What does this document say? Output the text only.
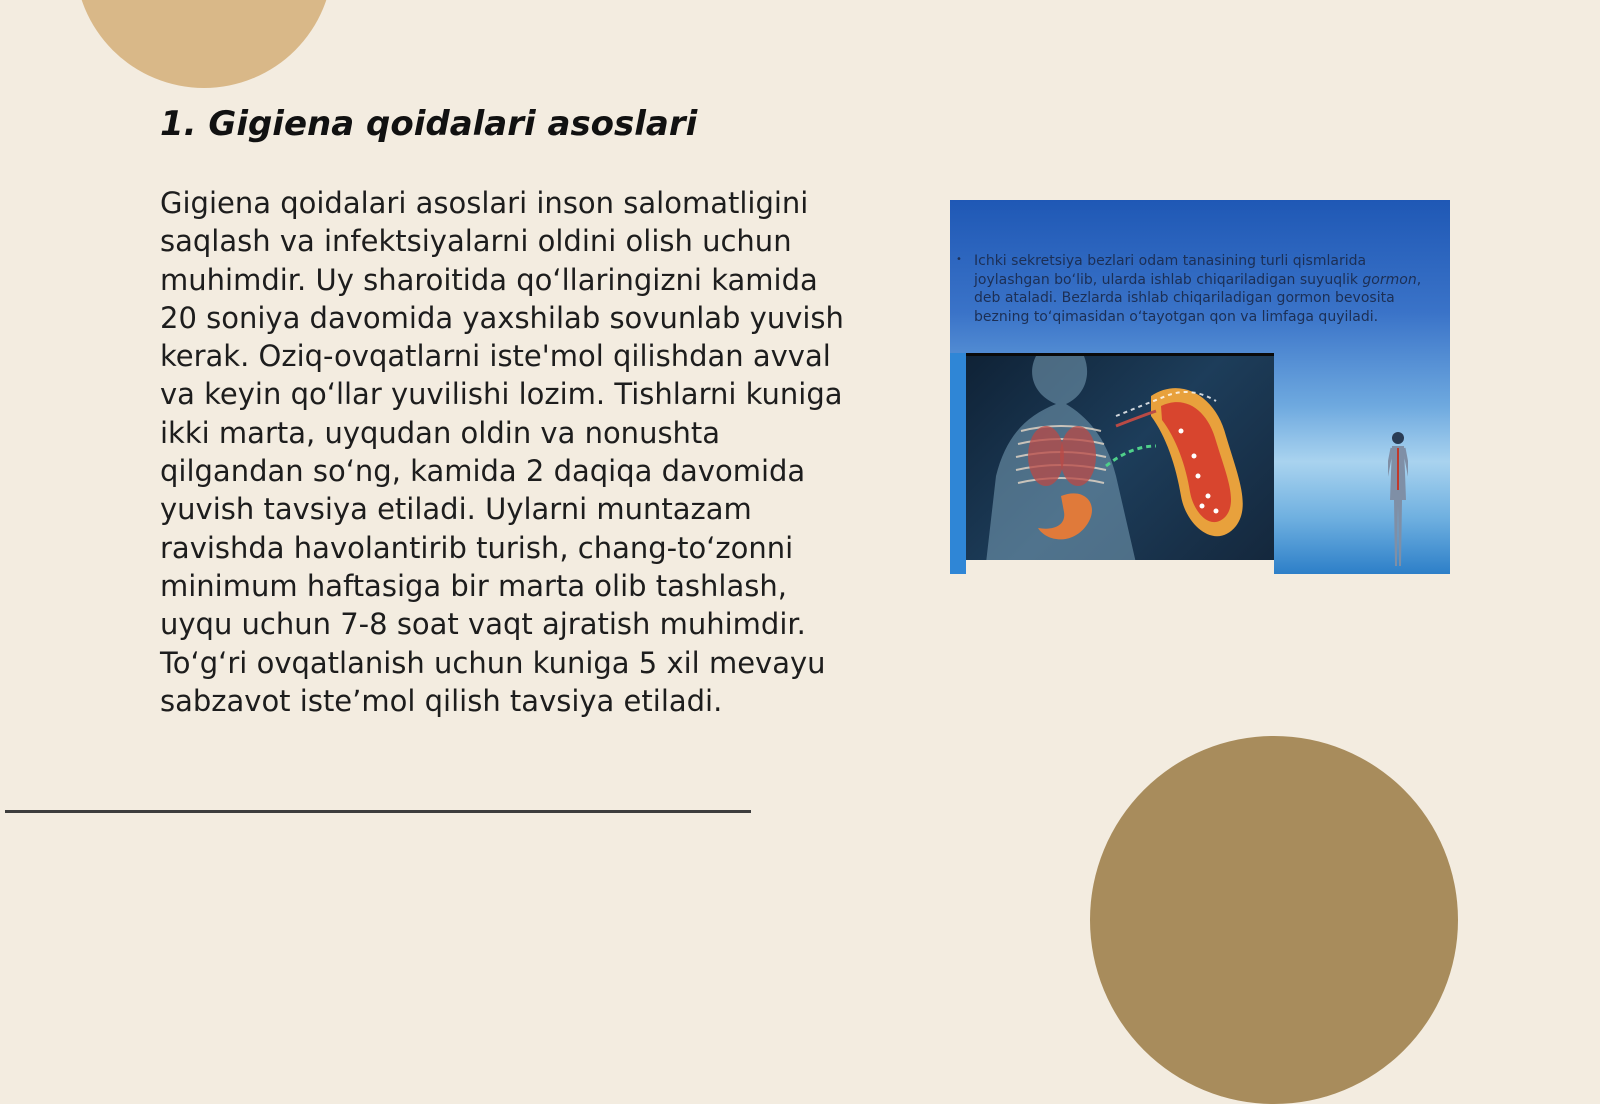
1. Gigiena qoidalari asoslari

Gigiena qoidalari asoslari inson salomatligini saqlash va infektsiyalarni oldini olish uchun muhimdir. Uy sharoitida qo‘llaringizni kamida 20 soniya davomida yaxshilab sovunlab yuvish kerak. Oziq-ovqatlarni iste'mol qilishdan avval va keyin qo‘llar yuvilishi lozim. Tishlarni kuniga ikki marta, uyqudan oldin va nonushta qilgandan so‘ng, kamida 2 daqiqa davomida yuvish tavsiya etiladi. Uylarni muntazam ravishda havolantirib turish, chang-to‘zonni minimum haftasiga bir marta olib tashlash, uyqu uchun 7-8 soat vaqt ajratish muhimdir. To‘g‘ri ovqatlanish uchun kuniga 5 xil mevayu sabzavot iste’mol qilish tavsiya etiladi.

• Ichki sekretsiya bezlari odam tanasining turli qismlarida joylashgan bo‘lib, ularda ishlab chiqariladigan suyuqlik gormon, deb ataladi. Bezlarda ishlab chiqariladigan gormon bevosita bezning to‘qimasidan o‘tayotgan qon va limfaga quyiladi.
